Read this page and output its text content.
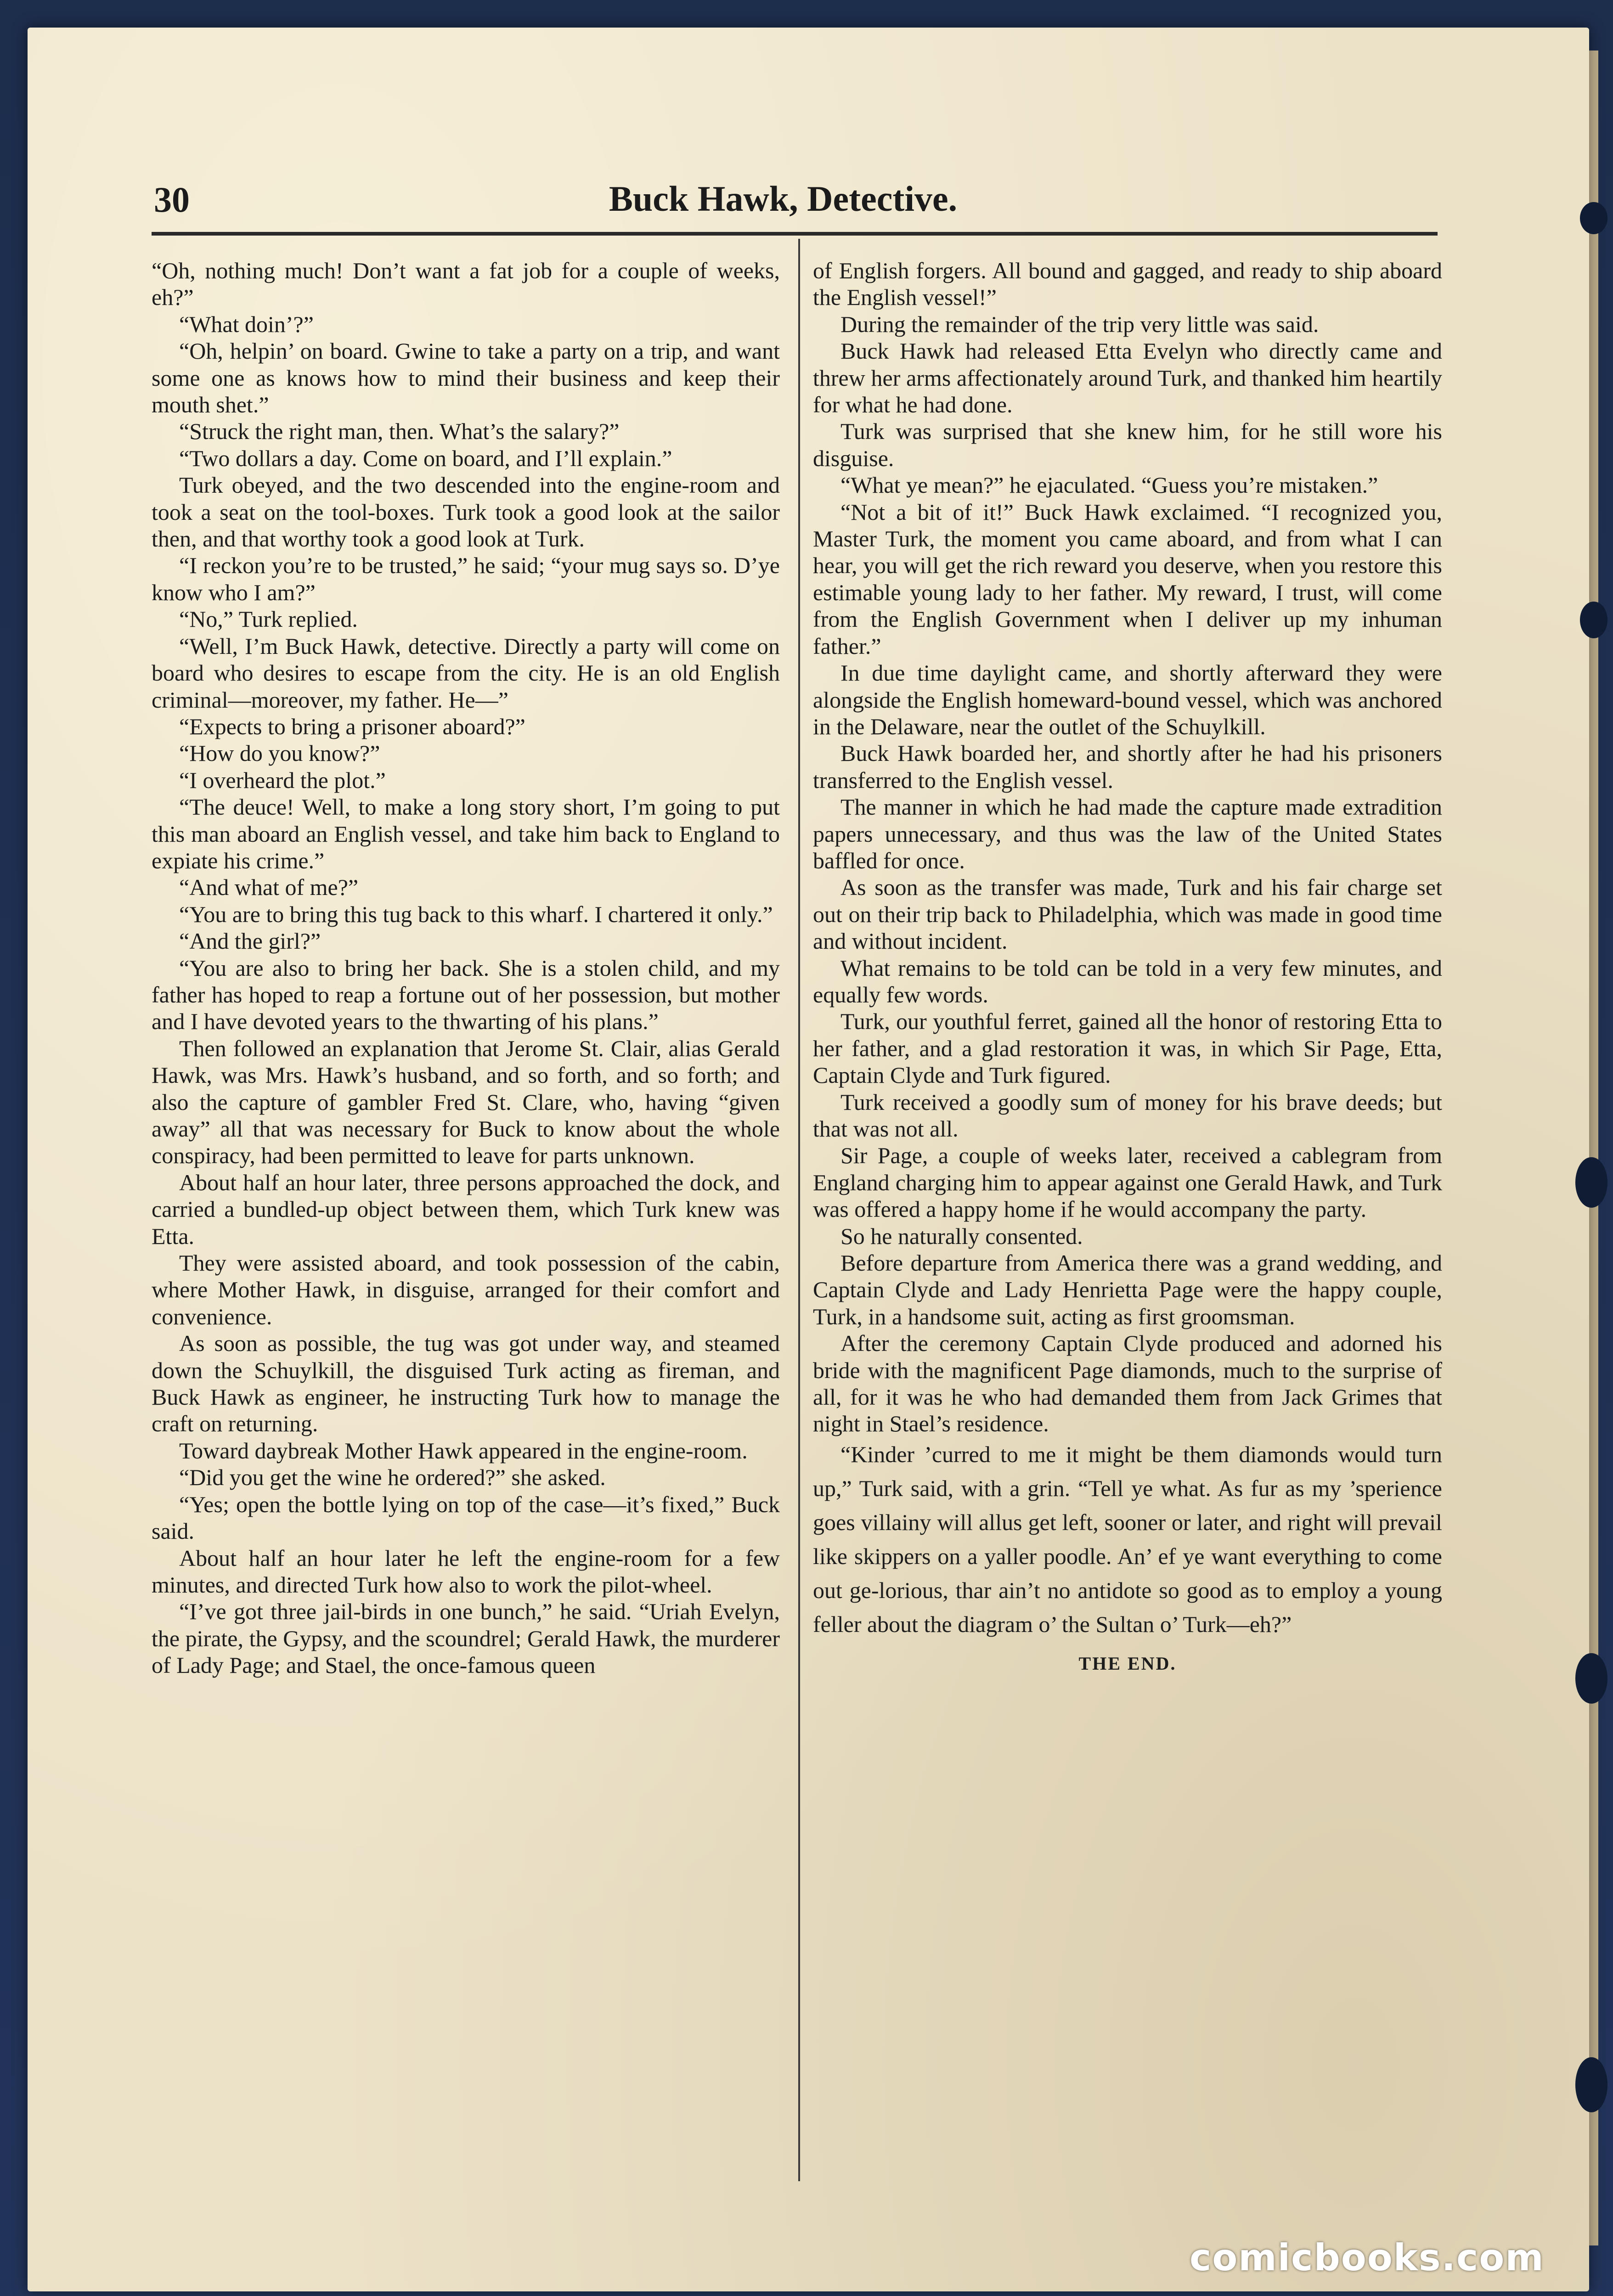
30	Buck Hawk, Detective.

“Oh, nothing much! Don’t want a fat job for a couple of weeks, eh?”

“What doin’?”

“Oh, helpin’ on board. Gwine to take a party on a trip, and want some one as knows how to mind their business and keep their mouth shet.”

“Struck the right man, then. What’s the salary?”

“Two dollars a day. Come on board, and I’ll explain.”

Turk obeyed, and the two descended into the engine-room and took a seat on the tool-boxes. Turk took a good look at the sailor then, and that worthy took a good look at Turk.

“I reckon you’re to be trusted,” he said; “your mug says so. D’ye know who I am?”

“No,” Turk replied.

“Well, I’m Buck Hawk, detective. Directly a party will come on board who desires to escape from the city. He is an old English criminal—moreover, my father. He—”

“Expects to bring a prisoner aboard?”

“How do you know?”

“I overheard the plot.”

“The deuce! Well, to make a long story short, I’m going to put this man aboard an English vessel, and take him back to England to expiate his crime.”

“And what of me?”

“You are to bring this tug back to this wharf. I chartered it only.”

“And the girl?”

“You are also to bring her back. She is a stolen child, and my father has hoped to reap a fortune out of her possession, but mother and I have devoted years to the thwarting of his plans.”

Then followed an explanation that Jerome St. Clair, alias Gerald Hawk, was Mrs. Hawk’s husband, and so forth, and so forth; and also the capture of gambler Fred St. Clare, who, having “given away” all that was necessary for Buck to know about the whole conspiracy, had been permitted to leave for parts unknown.

About half an hour later, three persons approached the dock, and carried a bundled-up object between them, which Turk knew was Etta.

They were assisted aboard, and took possession of the cabin, where Mother Hawk, in disguise, arranged for their comfort and convenience.

As soon as possible, the tug was got under way, and steamed down the Schuylkill, the disguised Turk acting as fireman, and Buck Hawk as engineer, he instructing Turk how to manage the craft on returning.

Toward daybreak Mother Hawk appeared in the engine-room.

“Did you get the wine he ordered?” she asked.

“Yes; open the bottle lying on top of the case—it’s fixed,” Buck said.

About half an hour later he left the engine-room for a few minutes, and directed Turk how also to work the pilot-wheel.

“I’ve got three jail-birds in one bunch,” he said. “Uriah Evelyn, the pirate, the Gypsy, and the scoundrel; Gerald Hawk, the murderer of Lady Page; and Stael, the once-famous queen

of English forgers. All bound and gagged, and ready to ship aboard the English vessel!”

During the remainder of the trip very little was said.

Buck Hawk had released Etta Evelyn who directly came and threw her arms affectionately around Turk, and thanked him heartily for what he had done.

Turk was surprised that she knew him, for he still wore his disguise.

“What ye mean?” he ejaculated. “Guess you’re mistaken.”

“Not a bit of it!” Buck Hawk exclaimed. “I recognized you, Master Turk, the moment you came aboard, and from what I can hear, you will get the rich reward you deserve, when you restore this estimable young lady to her father. My reward, I trust, will come from the English Government when I deliver up my inhuman father.”

In due time daylight came, and shortly afterward they were alongside the English homeward-bound vessel, which was anchored in the Delaware, near the outlet of the Schuylkill.

Buck Hawk boarded her, and shortly after he had his prisoners transferred to the English vessel.

The manner in which he had made the capture made extradition papers unnecessary, and thus was the law of the United States baffled for once.

As soon as the transfer was made, Turk and his fair charge set out on their trip back to Philadelphia, which was made in good time and without incident.

What remains to be told can be told in a very few minutes, and equally few words.

Turk, our youthful ferret, gained all the honor of restoring Etta to her father, and a glad restoration it was, in which Sir Page, Etta, Captain Clyde and Turk figured.

Turk received a goodly sum of money for his brave deeds; but that was not all.

Sir Page, a couple of weeks later, received a cablegram from England charging him to appear against one Gerald Hawk, and Turk was offered a happy home if he would accompany the party.

So he naturally consented.

Before departure from America there was a grand wedding, and Captain Clyde and Lady Henrietta Page were the happy couple, Turk, in a handsome suit, acting as first groomsman.

After the ceremony Captain Clyde produced and adorned his bride with the magnificent Page diamonds, much to the surprise of all, for it was he who had demanded them from Jack Grimes that night in Stael’s residence.

“Kinder ’curred to me it might be them diamonds would turn up,” Turk said, with a grin. “Tell ye what. As fur as my ’sperience goes villainy will allus get left, sooner or later, and right will prevail like skippers on a yaller poodle. An’ ef ye want everything to come out ge-lorious, thar ain’t no antidote so good as to employ a young feller about the diagram o’ the Sultan o’ Turk—eh?”

THE END.

comicbooks.com
